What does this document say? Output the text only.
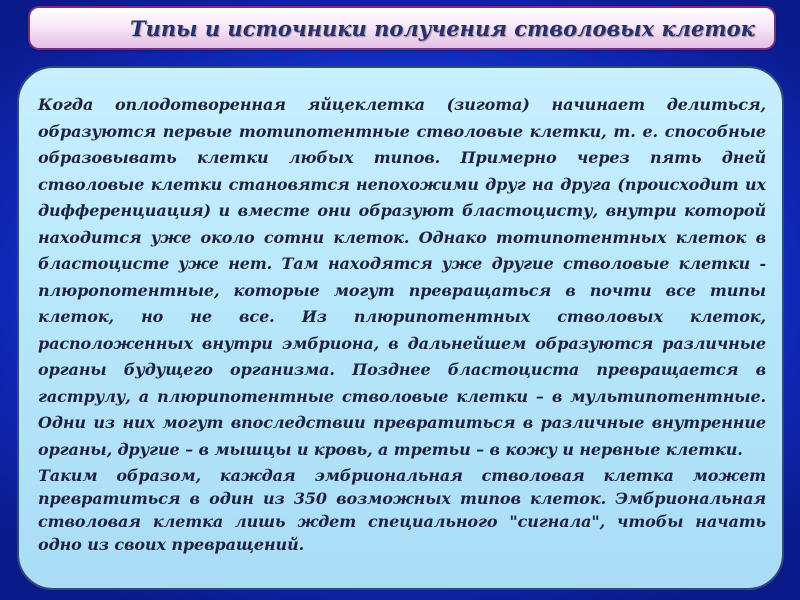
Типы и источники получения стволовых клеток

Когда оплодотворенная яйцеклетка (зигота) начинает делиться, образуются первые тотипотентные стволовые клетки, т. е. способные образовывать клетки любых типов. Примерно через пять дней стволовые клетки становятся непохожими друг на друга (происходит их дифференциация) и вместе они образуют бластоцисту, внутри которой находится уже около сотни клеток. Однако тотипотентных клеток в бластоцисте уже нет. Там находятся уже другие стволовые клетки - плюропотентные, которые могут превращаться в почти все типы клеток, но не все. Из плюрипотентных стволовых клеток, расположенных внутри эмбриона, в дальнейшем образуются различные органы будущего организма. Позднее бластоциста превращается в гаструлу, а плюрипотентные стволовые клетки – в мультипотентные. Одни из них могут впоследствии превратиться в различные внутренние органы, другие – в мышцы и кровь, а третьи – в кожу и нервные клетки.

Таким образом, каждая эмбриональная стволовая клетка может превратиться в один из 350 возможных типов клеток. Эмбриональная стволовая клетка лишь ждет специального "сигнала", чтобы начать одно из своих превращений.
